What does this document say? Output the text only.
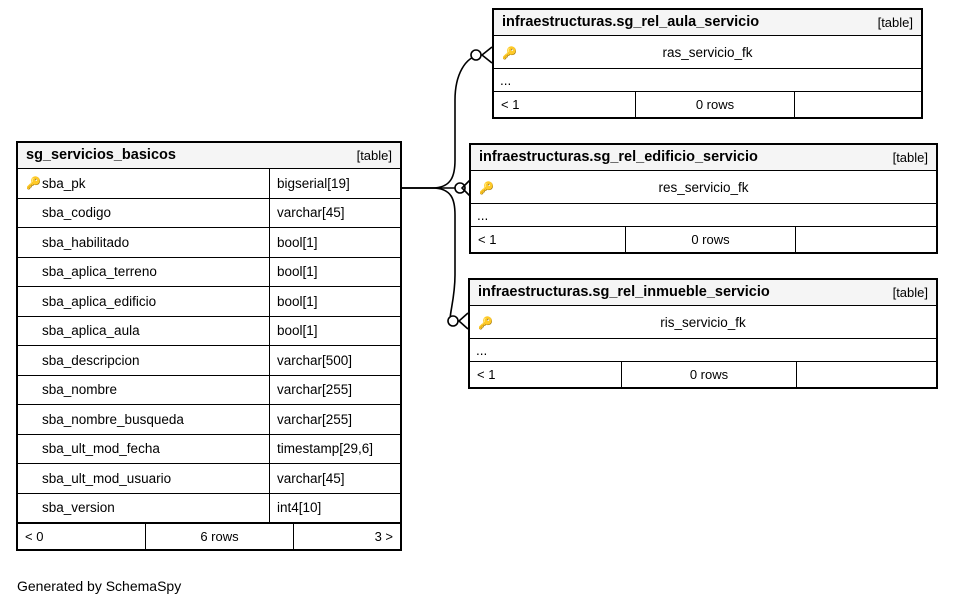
sg_servicios_basicos	[table]
🔑 sba_pk	bigserial[19]
sba_codigo	varchar[45]
sba_habilitado	bool[1]
sba_aplica_terreno	bool[1]
sba_aplica_edificio	bool[1]
sba_aplica_aula	bool[1]
sba_descripcion	varchar[500]
sba_nombre	varchar[255]
sba_nombre_busqueda	varchar[255]
sba_ult_mod_fecha	timestamp[29,6]
sba_ult_mod_usuario	varchar[45]
sba_version	int4[10]
< 0	6 rows	3 >
infraestructuras.sg_rel_aula_servicio	[table]
🔑	ras_servicio_fk
...
< 1	0 rows
infraestructuras.sg_rel_edificio_servicio	[table]
🔑	res_servicio_fk
...
< 1	0 rows
infraestructuras.sg_rel_inmueble_servicio	[table]
🔑	ris_servicio_fk
...
< 1	0 rows
Generated by SchemaSpy
